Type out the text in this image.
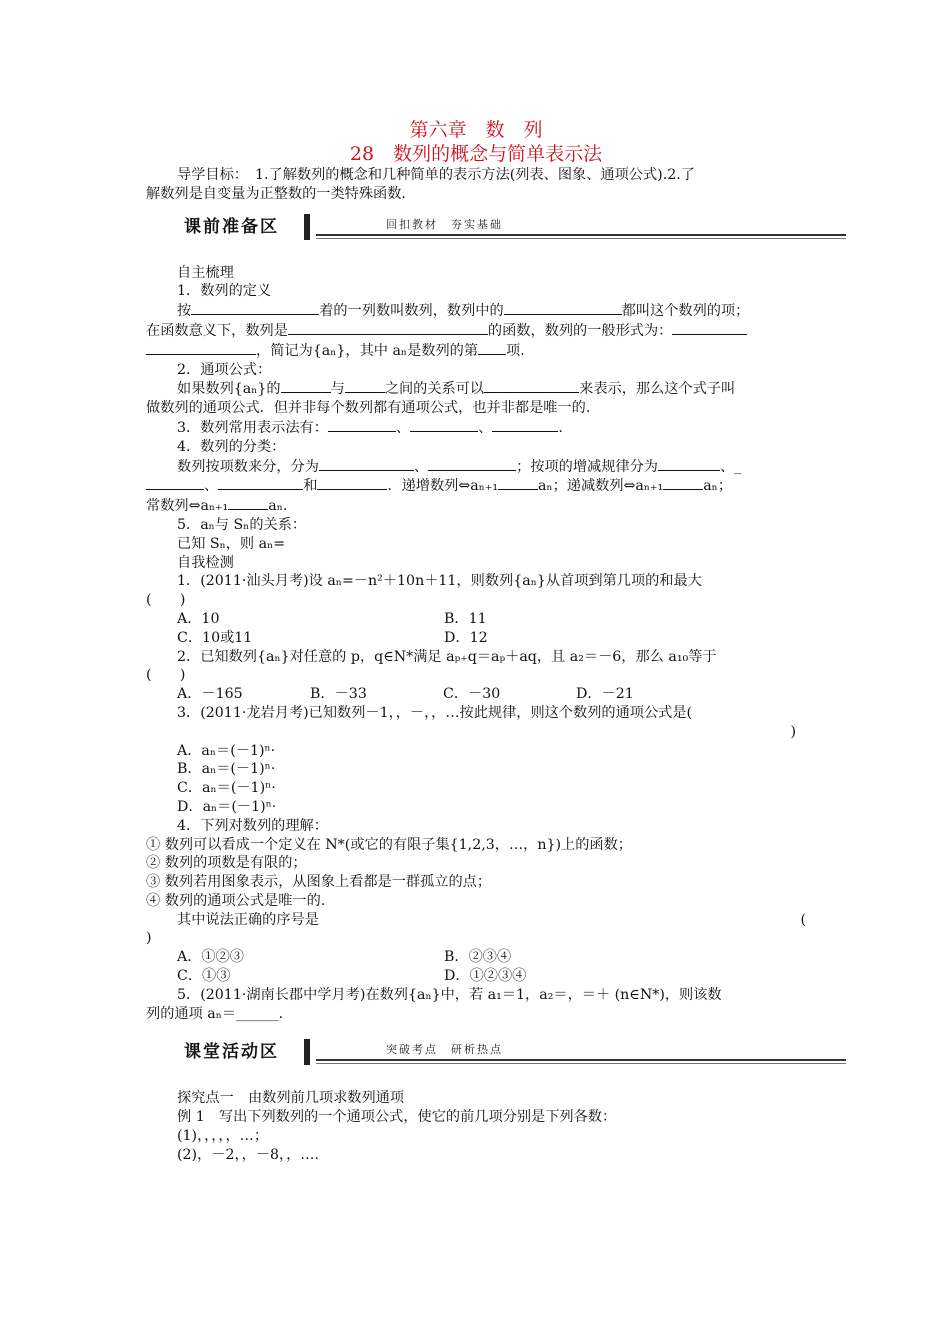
第六章　数　列
28　数列的概念与简单表示法
导学目标：　1.了解数列的概念和几种简单的表示方法(列表、图象、通项公式).2.了
解数列是自变量为正整数的一类特殊函数.
课前准备区	回扣教材　夯实基础
自主梳理
1．数列的定义
按	着的一列数叫数列，数列中的	都叫这个数列的项；
在函数意义下，数列是	的函数，数列的一般形式为：
，简记为{aₙ}，其中 aₙ是数列的第 项.
2．通项公式：
如果数列{aₙ}的	与	之间的关系可以	来表示，那么这个式子叫
做数列的通项公式．但并非每个数列都有通项公式，也并非都是唯一的.
3．数列常用表示法有：	、	、	.
4．数列的分类：
数列按项数来分，分为	、	；按项的增减规律分为	、_
、	和	．递增数列⇔aₙ₊₁	aₙ；递减数列⇔aₙ₊₁	aₙ；
常数列⇔aₙ₊₁	aₙ.
5．aₙ与 Sₙ的关系：
已知 Sₙ，则 aₙ=
自我检测
1．(2011·汕头月考)设 aₙ=－n²＋10n＋11，则数列{aₙ}从首项到第几项的和最大
(　　)
A．10	B．11
C．10或11	D．12
2．已知数列{aₙ}对任意的 p，q∈N*满足 aₚ₊q＝aₚ＋aq，且 a₂＝－6，那么 a₁₀等于
(　　)
A．－165	B．－33	C．－30	D．－21
3．(2011·龙岩月考)已知数列－1，，－，，…按此规律，则这个数列的通项公式是(
)
A．aₙ＝(－1)ⁿ·
B．aₙ＝(－1)ⁿ·
C．aₙ＝(－1)ⁿ·
D．aₙ＝(－1)ⁿ·
4．下列对数列的理解：
① 数列可以看成一个定义在 N*(或它的有限子集{1,2,3，…，n})上的函数；
② 数列的项数是有限的；
③ 数列若用图象表示，从图象上看都是一群孤立的点；
④ 数列的通项公式是唯一的.
其中说法正确的序号是	(
)
A．①②③	B．②③④
C．①③	D．①②③④
5．(2011·湖南长郡中学月考)在数列{aₙ}中，若 a₁＝1，a₂＝，＝＋ (n∈N*)，则该数
列的通项 aₙ＝______.
课堂活动区	突破考点　研析热点
探究点一　由数列前几项求数列通项
例 1　写出下列数列的一个通项公式，使它的前几项分别是下列各数：
(1)，，，，，…；
(2)，－2，，－8，，….
